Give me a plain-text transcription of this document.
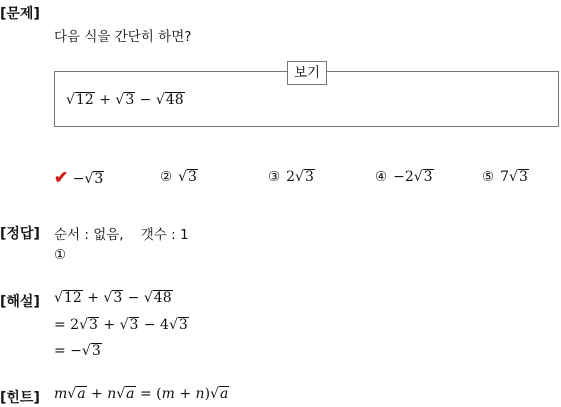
[문제]
다음 식을 간단히 하면?
보기
√12 + √3 − √48
✔ −√3	② √3	③ 2√3	④ −2√3	⑤ 7√3
[정답] 순서 : 없음,    갯수 : 1
①
[해설] √12 + √3 − √48
= 2√3 + √3 − 4√3
= −√3
[힌트] m√a + n√a = (m + n)√a
